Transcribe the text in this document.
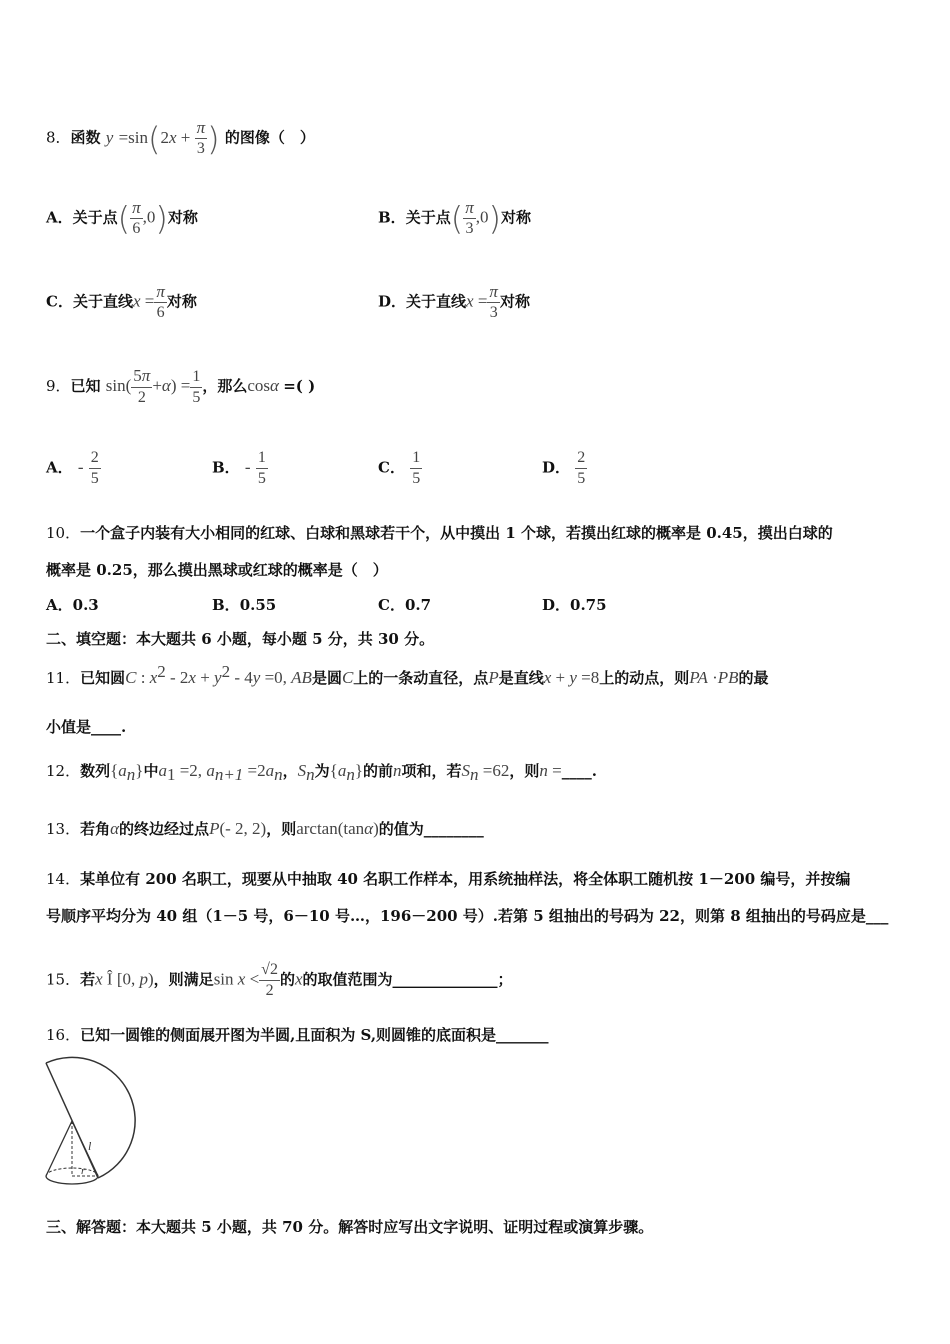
8．函数 $y =\sin(2x + \frac{\pi}{3}$ ) 的图像（　）
A．关于点( $\frac{\pi}{6} ,0$)对称	B．关于点( $\frac{\pi}{3} ,0$)对称
C．关于直线$x = \frac{\pi}{6}$ 对称	D．关于直线$x = \frac{\pi}{3}$ 对称
9．已知 $\sin( \frac{5\pi}{2} +\alpha) = \frac{1}{5}$ ，那么cosα =( )
A． - $\frac{2}{5}$	B． - $\frac{1}{5}$	C． $\frac{1}{5}$	D． $\frac{2}{5}$
10．一个盒子内装有大小相同的红球、白球和黑球若干个，从中摸出 1 个球，若摸出红球的概率是 0.45，摸出白球的
概率是 0.25，那么摸出黑球或红球的概率是（　）
A．0.3	B．0.55	C．0.7	D．0.75
二、填空题：本大题共 6 小题，每小题 5 分，共 30 分。
11．已知圆C : $x^2 - 2x + y^2 - 4y =0$, AB是圆C上的一条动直径，点P是直线x + y =8上的动点，则PA ·PB的最
小值是____.
12．数列$\{a_n\}$中$a_1 =2$, $a_{n+1} =2a_n$，$S_n$为$\{a_n\}$的前n项和，若$S_n =62$，则n =____.
13．若角α的终边经过点P(- 2, 2)，则arctan(tanα)的值为________
14．某单位有 200 名职工，现要从中抽取 40 名职工作样本，用系统抽样法，将全体职工随机按 1－200 编号，并按编
号顺序平均分为 40 组（1－5 号，6－10 号…，196－200 号）.若第 5 组抽出的号码为 22，则第 8 组抽出的号码应是___
15．若x Î [0, p)，则满足$\sin x < \frac{√2}{2}$ 的x的取值范围为______________；
16．已知一圆锥的侧面展开图为半圆,且面积为 S,则圆锥的底面积是_______
l
r
三、解答题：本大题共 5 小题，共 70 分。解答时应写出文字说明、证明过程或演算步骤。
